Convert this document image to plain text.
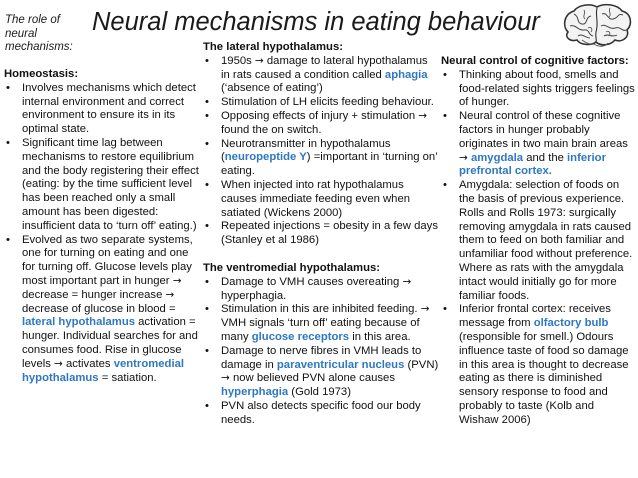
The role of neural mechanisms:
Neural mechanisms in eating behaviour

Homeostasis:

• Involves mechanisms which detect internal environment and correct environment to ensure its in its optimal state.
• Significant time lag between mechanisms to restore equilibrium and the body registering their effect (eating: by the time sufficient level has been reached only a small amount has been digested: insufficient data to ‘turn off’ eating.)
• Evolved as two separate systems, one for turning on eating and one for turning off. Glucose levels play most important part in hunger → decrease = hunger increase → decrease of glucose in blood = lateral hypothalamus activation = hunger. Individual searches for and consumes food. Rise in glucose levels → activates ventromedial hypothalamus = satiation.

The lateral hypothalamus:

• 1950s → damage to lateral hypothalamus in rats caused a condition called aphagia (‘absence of eating’)
• Stimulation of LH elicits feeding behaviour.
• Opposing effects of injury + stimulation → found the on switch.
• Neurotransmitter in hypothalamus (neuropeptide Y) =important in ‘turning on’ eating.
• When injected into rat hypothalamus causes immediate feeding even when satiated (Wickens 2000)
• Repeated injections = obesity in a few days (Stanley et al 1986)

The ventromedial hypothalamus:

• Damage to VMH causes overeating → hyperphagia.
• Stimulation in this are inhibited feeding. → VMH signals ‘turn off’ eating because of many glucose receptors in this area.
• Damage to nerve fibres in VMH leads to damage in paraventricular nucleus (PVN) → now believed PVN alone causes hyperphagia (Gold 1973)
• PVN also detects specific food our body needs.

Neural control of cognitive factors:

• Thinking about food, smells and food-related sights triggers feelings of hunger.
• Neural control of these cognitive factors in hunger probably originates in two main brain areas → amygdala and the inferior prefrontal cortex.
• Amygdala: selection of foods on the basis of previous experience. Rolls and Rolls 1973: surgically removing amygdala in rats caused them to feed on both familiar and unfamiliar food without preference. Where as rats with the amygdala intact would initially go for more familiar foods.
• Inferior frontal cortex: receives message from olfactory bulb (responsible for smell.) Odours influence taste of food so damage in this area is thought to decrease eating as there is diminished sensory response to food and probably to taste (Kolb and Wishaw 2006)
